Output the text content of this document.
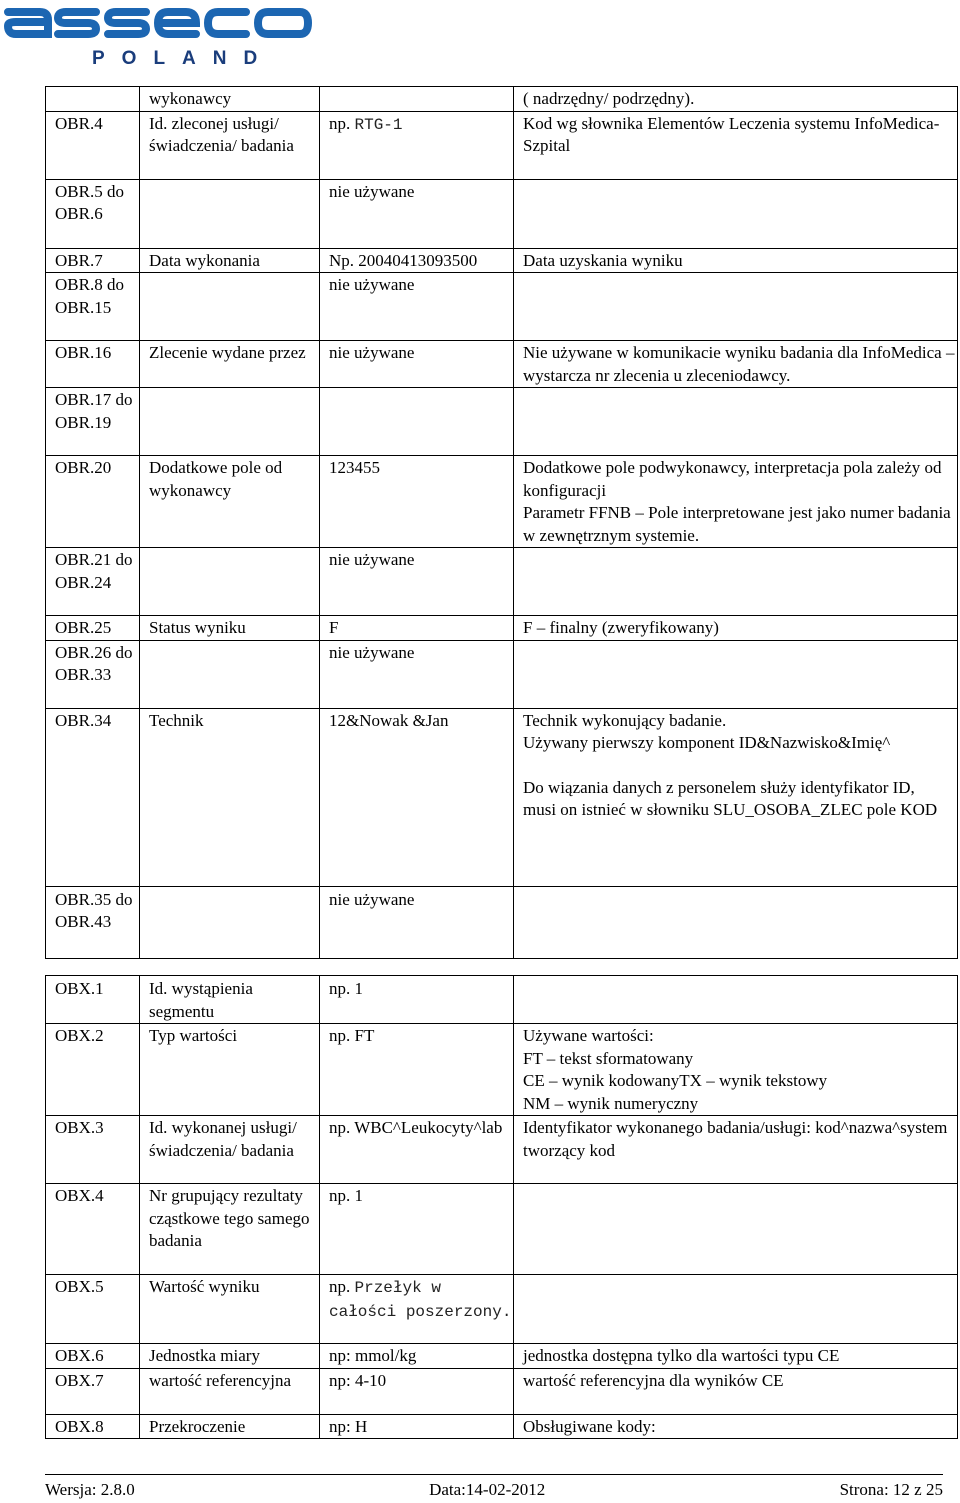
POLAND
	wykonawcy		( nadrzędny/ podrzędny).
OBR.4	Id. zleconej usługi/świadczenia/ badania	np. RTG-1	Kod wg słownika Elementów Leczenia systemu InfoMedica-Szpital
OBR.5 do OBR.6		nie używane	
OBR.7	Data wykonania	Np. 20040413093500	Data uzyskania wyniku
OBR.8 do OBR.15		nie używane	
OBR.16	Zlecenie wydane przez	nie używane	Nie używane w komunikacie wyniku badania dla InfoMedica – wystarcza nr zlecenia u zleceniodawcy.
OBR.17 do OBR.19			
OBR.20	Dodatkowe pole od wykonawcy	123455	Dodatkowe pole podwykonawcy, interpretacja pola zależy od konfiguracji
Parametr FFNB – Pole interpretowane jest jako numer badania w zewnętrznym systemie.

OBR.21 do OBR.24		nie używane	
OBR.25	Status wyniku	F	F – finalny (zweryfikowany)
OBR.26 do OBR.33		nie używane	
OBR.34	Technik	12&Nowak &Jan	Technik wykonujący badanie.
Używany pierwszy komponent ID&Nazwisko&Imię^
Do wiązania danych z personelem służy identyfikator ID, musi on istnieć w słowniku SLU_OSOBA_ZLEC pole KOD

OBR.35 do OBR.43		nie używane	
OBX.1	Id. wystąpienia segmentu	np. 1	
OBX.2	Typ wartości	np. FT	Używane wartości:
FT – tekst sformatowany
CE – wynik kodowanyTX – wynik tekstowy
NM – wynik numeryczny

OBX.3	Id. wykonanej usługi/świadczenia/ badania	np. WBC^Leukocyty^lab	Identyfikator wykonanego badania/usługi: kod^nazwa^system tworzący kod
OBX.4	Nr grupujący rezultaty cząstkowe tego samego badania	np. 1	
OBX.5	Wartość wyniku	np. Przełyk w całości poszerzony.	
OBX.6	Jednostka miary	np: mmol/kg	jednostka dostępna tylko dla wartości typu CE
OBX.7	wartość referencyjna	np: 4-10	wartość referencyjna dla wyników CE
OBX.8	Przekroczenie	np: H	Obsługiwane kody:
Wersja: 2.8.0	Data:14-02-2012	Strona: 12 z 25
